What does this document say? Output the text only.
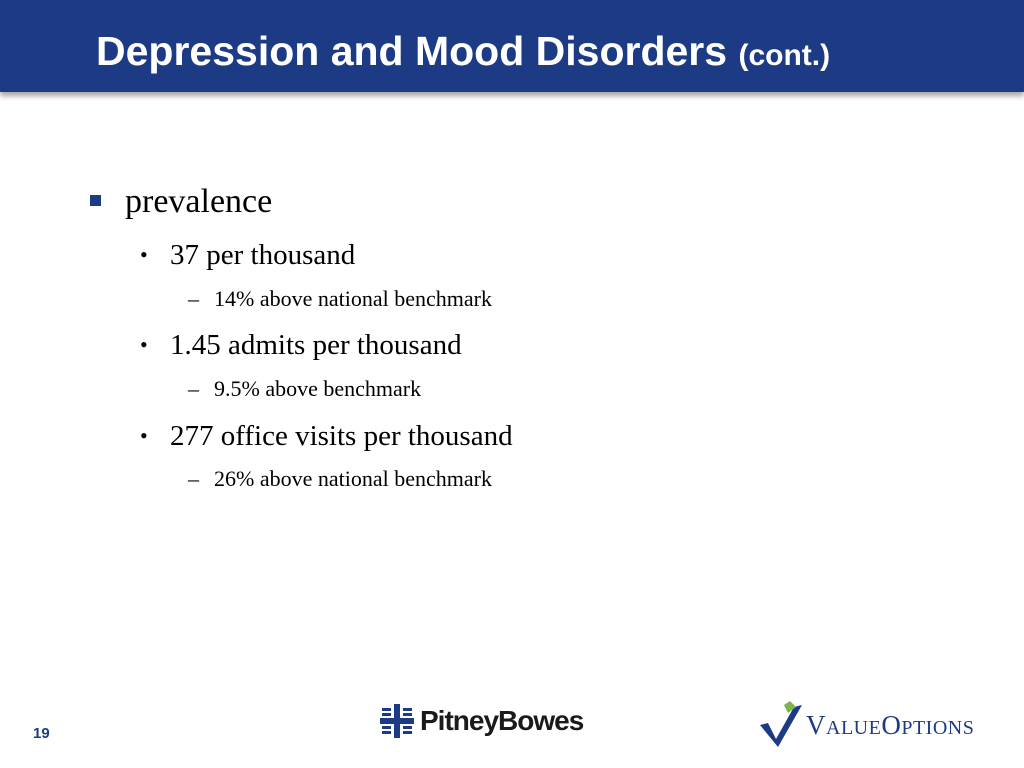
Depression and Mood Disorders (cont.)
prevalence
• 37 per thousand
– 14% above national benchmark
• 1.45 admits per thousand
– 9.5% above benchmark
• 277 office visits per thousand
– 26% above national benchmark
19	PitneyBowes	VALUEOPTIONS
